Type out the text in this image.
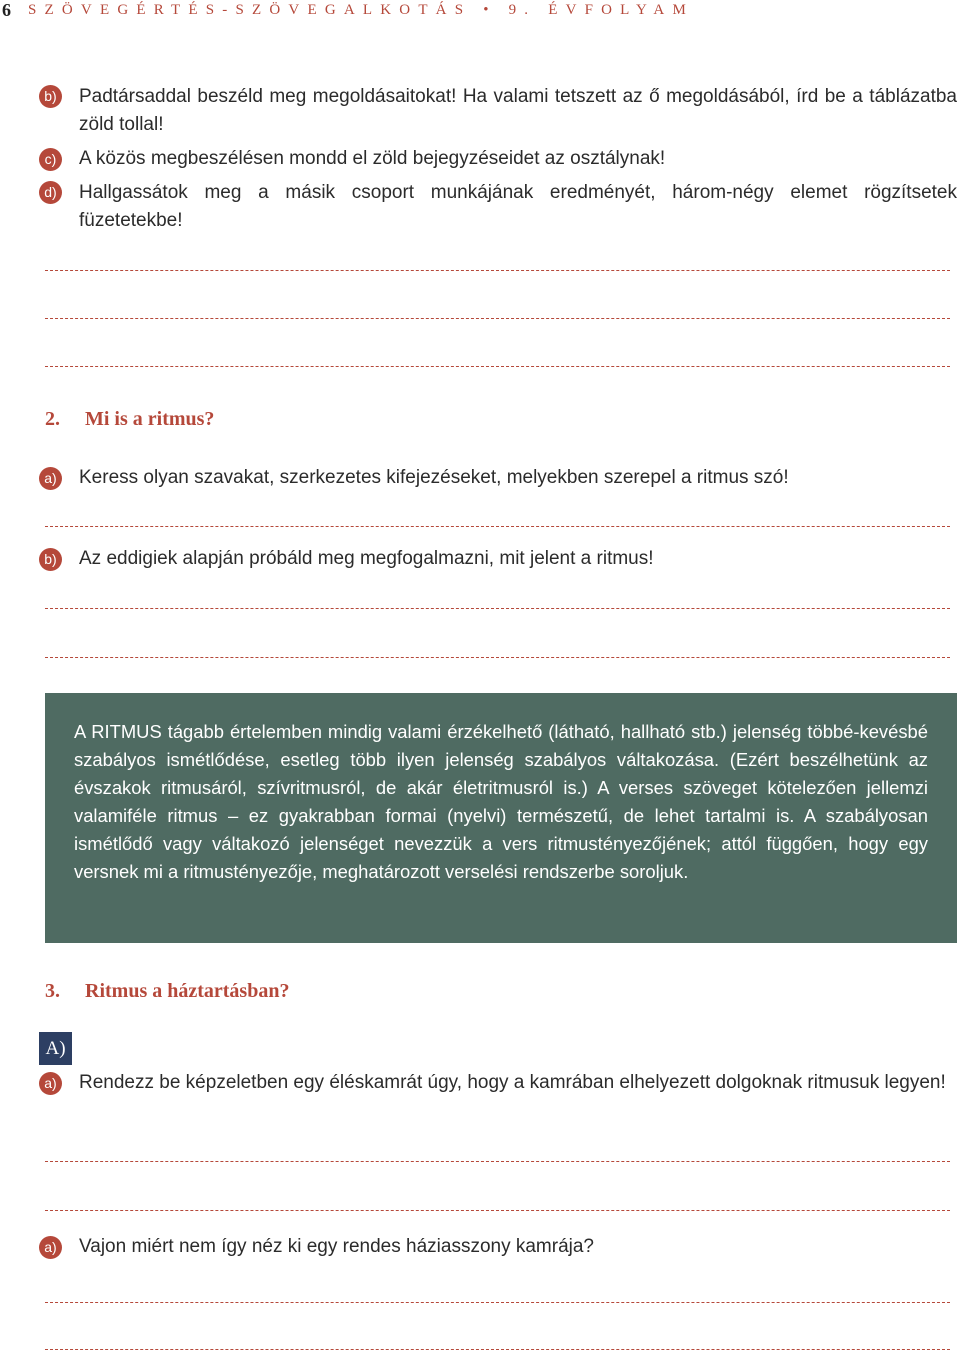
6 SZÖVEGÉRTÉS-SZÖVEGALKOTÁS • 9. ÉVFOLYAM
b) Padtársaddal beszéld meg megoldásaitokat! Ha valami tetszett az ő megoldásából, írd be a táblázatba zöld tollal!
c) A közös megbeszélésen mondd el zöld bejegyzéseidet az osztálynak!
d) Hallgassátok meg a másik csoport munkájának eredményét, három-négy elemet rögzítsetek füzetetekbe!
2. Mi is a ritmus?
a) Keress olyan szavakat, szerkezetes kifejezéseket, melyekben szerepel a ritmus szó!
b) Az eddigiek alapján próbáld meg megfogalmazni, mit jelent a ritmus!

A RITMUS tágabb értelemben mindig valami érzékelhető (látható, hallható stb.) jelenség többé-kevésbé szabályos ismétlődése, esetleg több ilyen jelenség szabályos váltakozása. (Ezért beszélhetünk az évszakok ritmusáról, szívritmusról, de akár életritmusról is.) A verses szöveget kötelezően jellemzi valamiféle ritmus – ez gyakrabban formai (nyelvi) természetű, de lehet tartalmi is. A szabályosan ismétlődő vagy váltakozó jelenséget nevezzük a vers ritmustényezőjének; attól függően, hogy egy versnek mi a ritmustényezője, meghatározott verselési rendszerbe soroljuk.

3. Ritmus a háztartásban?
A)
a) Rendezz be képzeletben egy éléskamrát úgy, hogy a kamrában elhelyezett dolgoknak ritmusuk legyen!
a) Vajon miért nem így néz ki egy rendes háziasszony kamrája?
